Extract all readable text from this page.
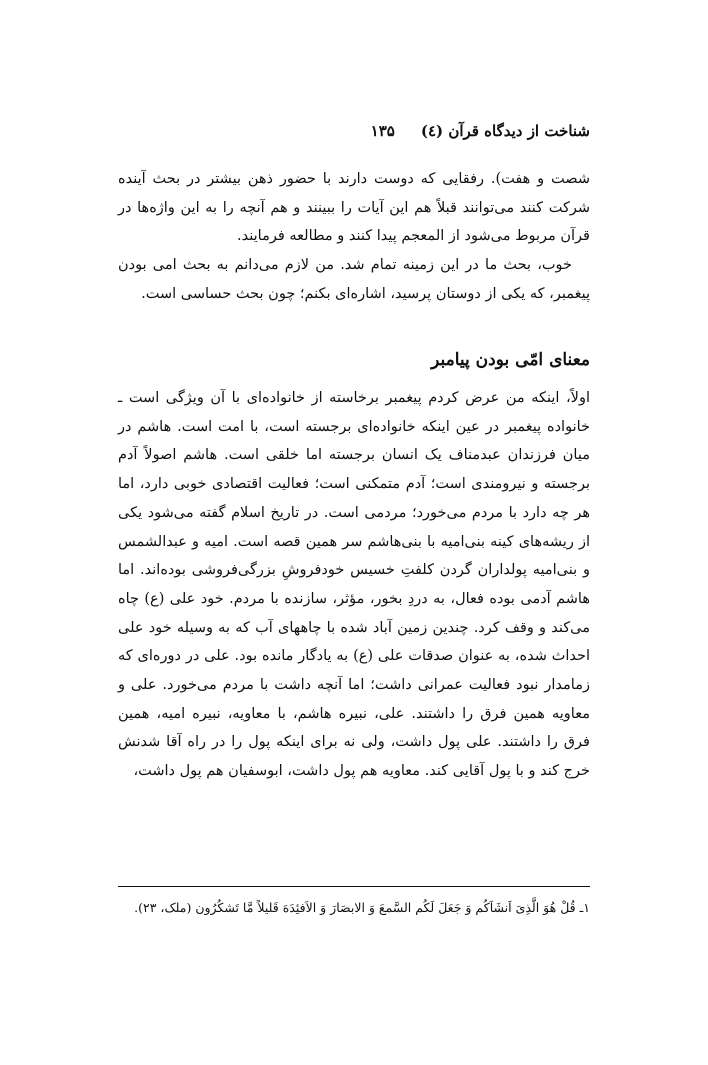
شناخت از دیدگاه قرآن (٤)
۱۳۵

شصت و هفت). رفقایی که دوست دارند با حضور ذهن بیشتر در بحث آینده شرکت کنند می‌توانند قبلاً هم این آیات را ببینند و هم آنچه را به این واژه‌ها در قرآن مربوط می‌شود از المعجم پیدا کنند و مطالعه فرمایند.

خوب، بحث ما در این زمینه تمام شد. من لازم می‌دانم به بحث امی بودن پیغمبر، که یکی از دوستان پرسید، اشاره‌ای بکنم؛ چون بحث حساسی است.

معنای امّی بودن پیامبر

اولاً، اینکه من عرض کردم پیغمبر برخاسته از خانواده‌ای با آن ویژگی است ـ خانواده پیغمبر در عین اینکه خانواده‌ای برجسته است، با امت است. هاشم در میان فرزندان عبدمناف یک انسان برجسته اما خلقی است. هاشم اصولاً آدم برجسته و نیرومندی است؛ آدم متمکنی است؛ فعالیت اقتصادی خوبی دارد، اما هر چه دارد با مردم می‌خورد؛ مردمی است. در تاریخ اسلام گفته می‌شود یکی از ریشه‌های کینه بنی‌امیه با بنی‌هاشم سر همین قصه است. امیه و عبدالشمس و بنی‌امیه پولداران گردن کلفتِ خسیس خودفروشِ بزرگی‌فروشی بوده‌اند. اما هاشم آدمی بوده فعال، به دردِ بخور، مؤثر، سازنده با مردم. خود علی (ع) چاه می‌کند و وقف کرد. چندین زمین آباد شده با چاههای آب که به وسیله خود علی احداث شده، به عنوان صدقات علی (ع) به یادگار مانده بود. علی در دوره‌ای که زمامدار نبود فعالیت عمرانی داشت؛ اما آنچه داشت با مردم می‌خورد. علی و معاویه همین فرق را داشتند. علی، نبیره هاشم، با معاویه، نبیره امیه، همین فرق را داشتند. علی پول داشت، ولی نه برای اینکه پول را در راه آقا شدنش خرج کند و با پول آقایی کند. معاویه هم پول داشت، ابوسفیان هم پول داشت،

۱ـ قُلْ هُوَ الَّذِیَ اَنشَاَکُم وَ جَعَلَ لَکُم السَّمعَ وَ الابصَارَ وَ الاَفئِدَهَ قَلیلاً مَّا تَشکُرُون (ملک، ۲۳).
